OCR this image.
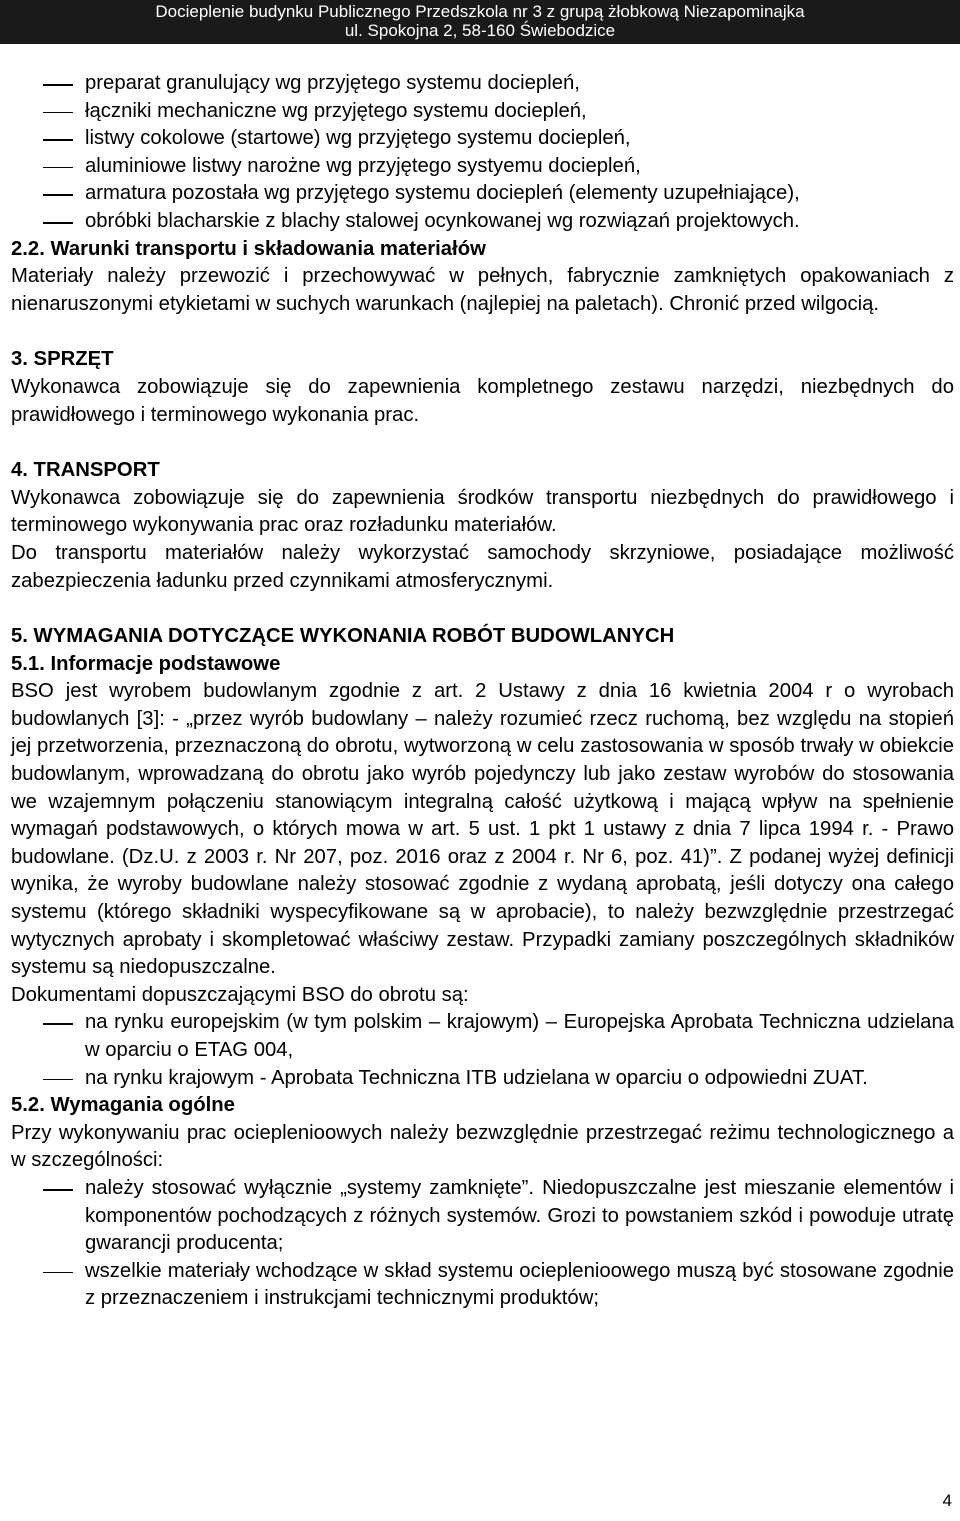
Docieplenie budynku Publicznego Przedszkola nr 3 z grupą żłobkową Niezapominajka
ul. Spokojna 2, 58-160 Świebodzice
preparat granulujący wg przyjętego systemu dociepleń,
łączniki mechaniczne wg przyjętego systemu dociepleń,
listwy cokolowe (startowe) wg przyjętego systemu dociepleń,
aluminiowe listwy narożne wg przyjętego systyemu dociepleń,
armatura pozostała wg przyjętego systemu dociepleń (elementy uzupełniające),
obróbki blacharskie z blachy stalowej ocynkowanej wg rozwiązań projektowych.

2.2. Warunki transportu i składowania materiałów

Materiały należy przewozić i przechowywać w pełnych, fabrycznie zamkniętych opakowaniach z nienaruszonymi etykietami w suchych warunkach (najlepiej na paletach). Chronić przed wilgocią.

3. SPRZĘT

Wykonawca zobowiązuje się do zapewnienia kompletnego zestawu narzędzi, niezbędnych do prawidłowego i terminowego wykonania prac.

4. TRANSPORT

Wykonawca zobowiązuje się do zapewnienia środków transportu niezbędnych do prawidłowego i terminowego wykonywania prac oraz rozładunku materiałów.

Do transportu materiałów należy wykorzystać samochody skrzyniowe, posiadające możliwość zabezpieczenia ładunku przed czynnikami atmosferycznymi.

5. WYMAGANIA DOTYCZĄCE WYKONANIA ROBÓT BUDOWLANYCH

5.1. Informacje podstawowe

BSO jest wyrobem budowlanym zgodnie z art. 2 Ustawy z dnia 16 kwietnia 2004 r o wyrobach budowlanych [3]: - „przez wyrób budowlany – należy rozumieć rzecz ruchomą, bez względu na stopień jej przetworzenia, przeznaczoną do obrotu, wytworzoną w celu zastosowania w sposób trwały w obiekcie budowlanym, wprowadzaną do obrotu jako wyrób pojedynczy lub jako zestaw wyrobów do stosowania we wzajemnym połączeniu stanowiącym integralną całość użytkową i mającą wpływ na spełnienie wymagań podstawowych, o których mowa w art. 5 ust. 1 pkt 1 ustawy z dnia 7 lipca 1994 r. - Prawo budowlane. (Dz.U. z 2003 r. Nr 207, poz. 2016 oraz z 2004 r. Nr 6, poz. 41)”. Z podanej wyżej definicji wynika, że wyroby budowlane należy stosować zgodnie z wydaną aprobatą, jeśli dotyczy ona całego systemu (którego składniki wyspecyfikowane są w aprobacie), to należy bezwzględnie przestrzegać wytycznych aprobaty i skompletować właściwy zestaw. Przypadki zamiany poszczególnych składników systemu są niedopuszczalne.

Dokumentami dopuszczającymi BSO do obrotu są:

na rynku europejskim (w tym polskim – krajowym) – Europejska Aprobata Techniczna udzielana w oparciu o ETAG 004,
na rynku krajowym - Aprobata Techniczna ITB udzielana w oparciu o odpowiedni ZUAT.

5.2. Wymagania ogólne

Przy wykonywaniu prac ocieplenioowych należy bezwzględnie przestrzegać reżimu technologicznego a w szczególności:

należy stosować wyłącznie „systemy zamknięte”. Niedopuszczalne jest mieszanie elementów i komponentów pochodzących z różnych systemów. Grozi to powstaniem szkód i powoduje utratę gwarancji producenta;
wszelkie materiały wchodzące w skład systemu ocieplenioowego muszą być stosowane zgodnie z przeznaczeniem i instrukcjami technicznymi produktów;
4
